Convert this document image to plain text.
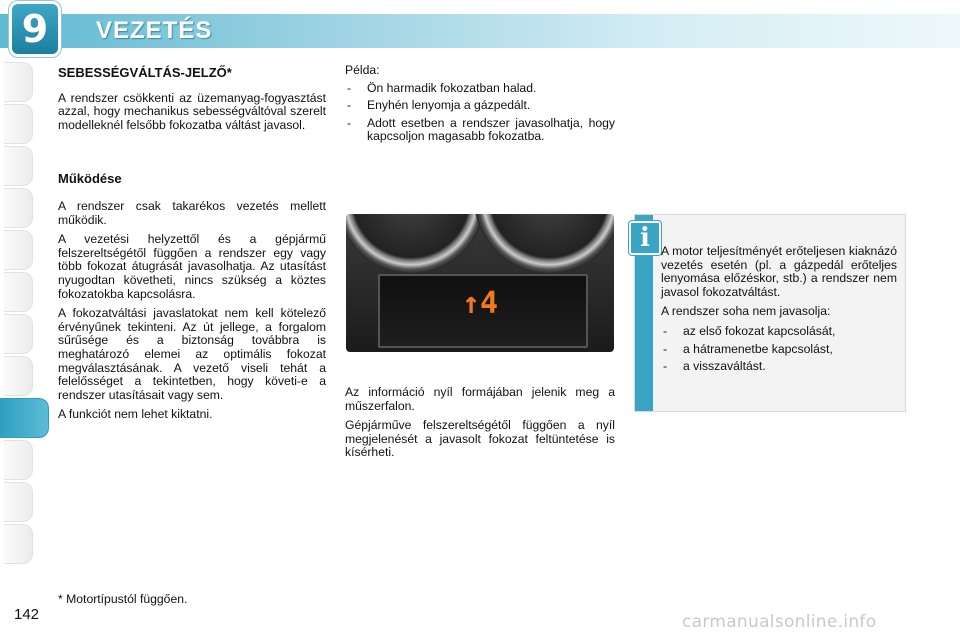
9	VEZETÉS
SEBESSÉGVÁLTÁS-JELZŐ*

A rendszer csökkenti az üzemanyag-fogyasztást azzal, hogy mechanikus sebességváltóval szerelt modelleknél felsőbb fokozatba váltást javasol.

Működése

A rendszer csak takarékos vezetés mellett működik.

A vezetési helyzettől és a gépjármű felszereltségétől függően a rendszer egy vagy több fokozat átugrását javasolhatja. Az utasítást nyugodtan követheti, nincs szükség a köztes fokozatokba kapcsolásra.

A fokozatváltási javaslatokat nem kell kötelező érvényűnek tekinteni. Az út jellege, a forgalom sűrűsége és a biztonság továbbra is meghatározó elemei az optimális fokozat megválasztásának. A vezető viseli tehát a felelősséget a tekintetben, hogy követi-e a rendszer utasításait vagy sem.

A funkciót nem lehet kiktatni.

Példa:

- Ön harmadik fokozatban halad.
- Enyhén lenyomja a gázpedált.
- Adott esetben a rendszer javasolhatja, hogy kapcsoljon magasabb fokozatba.
↑4

Az információ nyíl formájában jelenik meg a műszerfalon.

Gépjárműve felszereltségétől függően a nyíl megjelenését a javasolt fokozat feltüntetése is kísérheti.

i A motor teljesítményét erőteljesen kiaknázó vezetés esetén (pl. a gázpedál erőteljes lenyomása előzéskor, stb.) a rendszer nem javasol fokozatváltást.

A rendszer soha nem javasolja:

- az első fokozat kapcsolását,
- a hátramenetbe kapcsolást,
- a visszaváltást.
* Motortípustól függően.
142	carmanualsonline.info
